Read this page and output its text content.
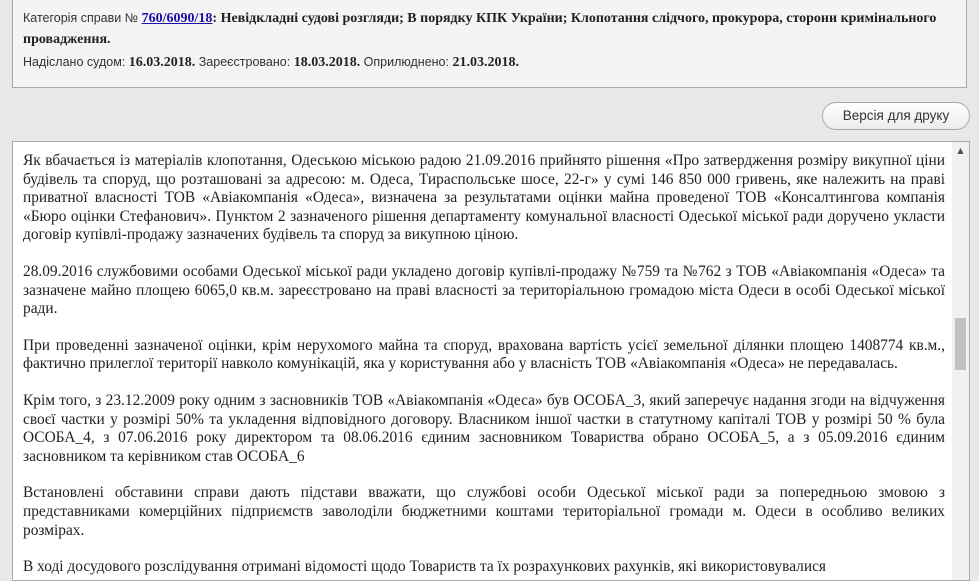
Категорія справи № 760/6090/18: Невідкладні судові розгляди; В порядку КПК України; Клопотання слідчого, прокурора, сторони кримінального провадження.
Надіслано судом: 16.03.2018. Зареєстровано: 18.03.2018. Оприлюднено: 21.03.2018.
Версія для друку

Як вбачається із матеріалів клопотання, Одеською міською радою 21.09.2016 прийнято рішення «Про затвердження розміру викупної ціни будівель та споруд, що розташовані за адресою: м. Одеса, Тираспольське шосе, 22-г» у сумі 146 850 000 гривень, яке належить на праві приватної власності ТОВ «Авіакомпанія «Одеса», визначена за результатами оцінки майна проведеної ТОВ «Консалтингова компанія «Бюро оцінки Стефанович». Пунктом 2 зазначеного рішення департаменту комунальної власності Одеської міської ради доручено укласти договір купівлі-продажу зазначених будівель та споруд за викупною ціною.

28.09.2016 службовими особами Одеської міської ради укладено договір купівлі-продажу №759 та №762 з ТОВ «Авіакомпанія «Одеса» та зазначене майно площею 6065,0 кв.м. зареєстровано на праві власності за територіальною громадою міста Одеси в особі Одеської міської ради.

При проведенні зазначеної оцінки, крім нерухомого майна та споруд, врахована вартість усієї земельної ділянки площею 1408774 кв.м., фактично прилеглої території навколо комунікацій, яка у користування або у власність ТОВ «Авіакомпанія «Одеса» не передавалась.

Крім того, з 23.12.2009 року одним з засновників ТОВ «Авіакомпанія «Одеса» був ОСОБА_3, який заперечує надання згоди на відчуження своєї частки у розмірі 50% та укладення відповідного договору. Власником іншої частки в статутному капіталі ТОВ у розмірі 50 % була ОСОБА_4, з 07.06.2016 року директором та 08.06.2016 єдиним засновником Товариства обрано ОСОБА_5, а з 05.09.2016 єдиним засновником та керівником став ОСОБА_6

Встановлені обставини справи дають підстави вважати, що службові особи Одеської міської ради за попередньою змовою з представниками комерційних підприємств заволоділи бюджетними коштами територіальної громади м. Одеси в особливо великих розмірах.

В ході досудового розслідування отримані відомості щодо Товариств та їх розрахункових рахунків, які використовувалися

▲
